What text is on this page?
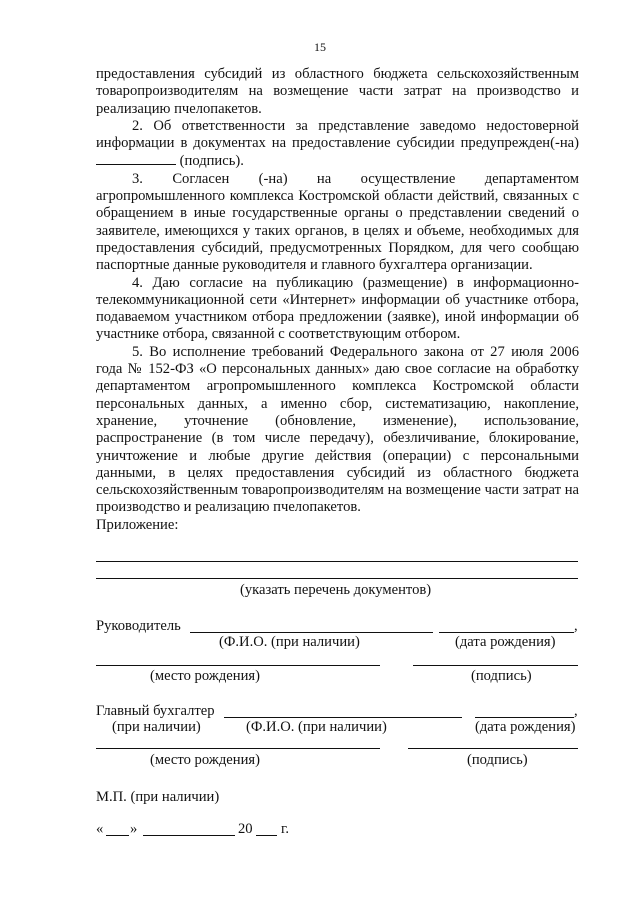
15

предоставления субсидий из областного бюджета сельскохозяйственным товаропроизводителям на возмещение части затрат на производство и реализацию пчелопакетов.

2. Об ответственности за представление заведомо недостоверной информации в документах на предоставление субсидии предупрежден(-на)  (подпись).

3. Согласен (-на) на осуществление департаментом агропромышленного комплекса Костромской области действий, связанных с обращением в иные государственные органы о представлении сведений о заявителе, имеющихся у таких органов, в целях и объеме, необходимых для предоставления субсидий, предусмотренных Порядком, для чего сообщаю паспортные данные руководителя и главного бухгалтера организации.

4. Даю согласие на публикацию (размещение) в информационно-телекоммуникационной сети «Интернет» информации об участнике отбора, подаваемом участником отбора предложении (заявке), иной информации об участнике отбора, связанной с соответствующим отбором.

5. Во исполнение требований Федерального закона от 27 июля 2006 года № 152-ФЗ «О персональных данных» даю свое согласие на обработку департаментом агропромышленного комплекса Костромской области персональных данных, а именно сбор, систематизацию, накопление, хранение, уточнение (обновление, изменение), использование, распространение (в том числе передачу), обезличивание, блокирование, уничтожение и любые другие действия (операции) с персональными данными, в целях предоставления субсидий из областного бюджета сельскохозяйственным товаропроизводителям на возмещение части затрат на производство и реализацию пчелопакетов.

Приложение:

(указать перечень документов)
Руководитель	,
(Ф.И.О. (при наличии)	(дата рождения)
(место рождения)	(подпись)
Главный бухгалтер	,
(при наличии)	(Ф.И.О. (при наличии)	(дата рождения)
(место рождения)	(подпись)
М.П. (при наличии)
« »	20 г.
